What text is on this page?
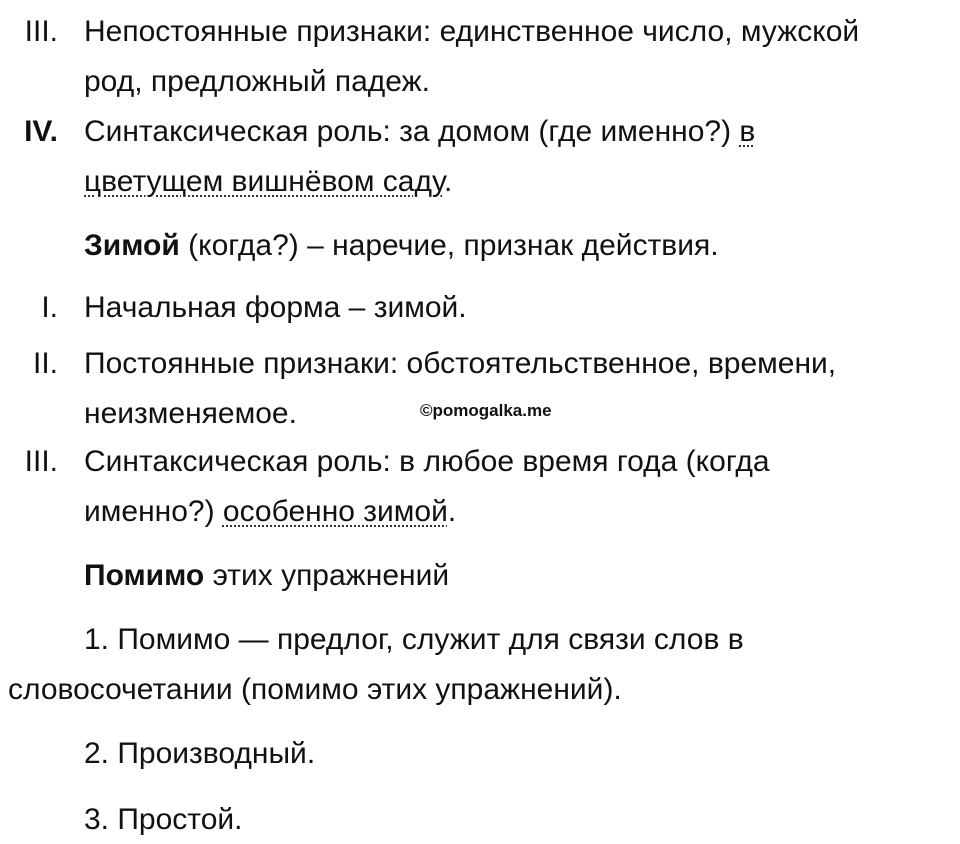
III. Непостоянные признаки: единственное число, мужской
род, предложный падеж.
IV. Синтаксическая роль: за домом (где именно?) в
цветущем вишнёвом саду.
Зимой (когда?) – наречие, признак действия.
I. Начальная форма – зимой.
II. Постоянные признаки: обстоятельственное, времени,
неизменяемое.	©pomogalka.me
III. Синтаксическая роль: в любое время года (когда
именно?) особенно зимой.
Помимо этих упражнений
1. Помимо — предлог, служит для связи слов в
словосочетании (помимо этих упражнений).
2. Производный.
3. Простой.
